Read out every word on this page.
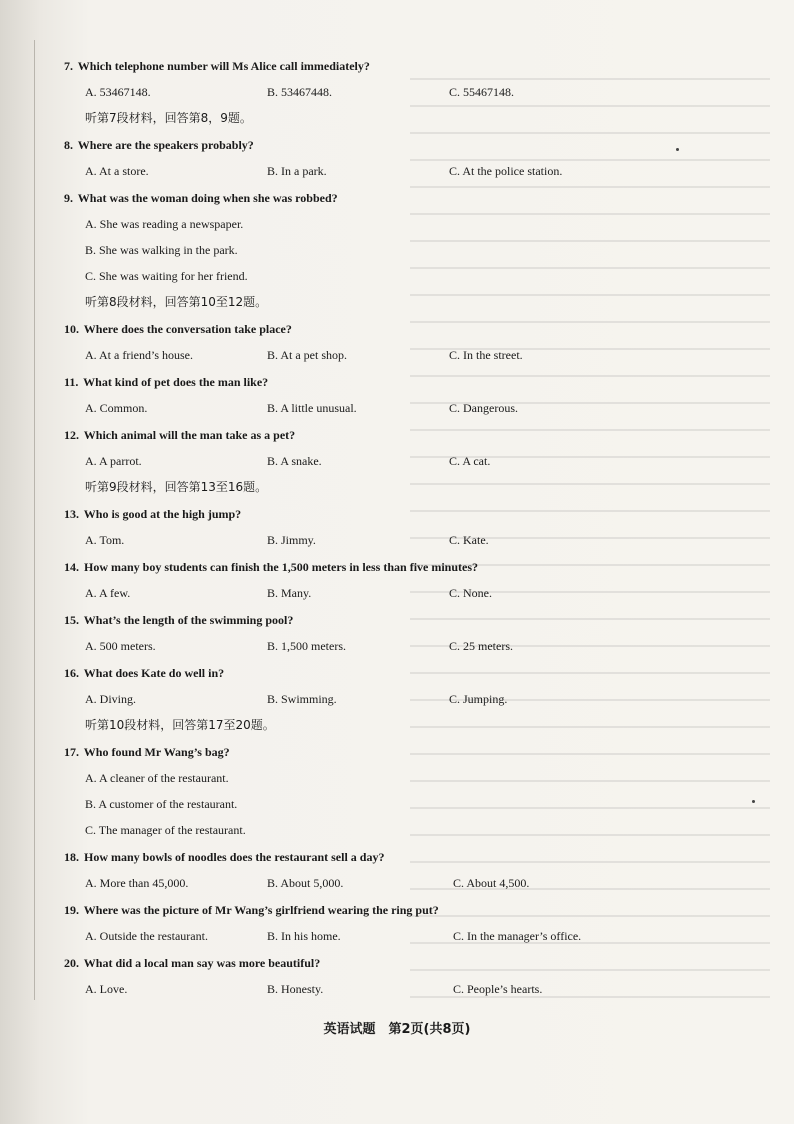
7. Which telephone number will Ms Alice call immediately?

A. 53467148.	B. 53467448.	C. 55467148.
听第7段材料，回答第8，9题。

8. Where are the speakers probably?

A. At a store.	B. In a park.	C. At the police station.

9. What was the woman doing when she was robbed?

A. She was reading a newspaper.
B. She was walking in the park.
C. She was waiting for her friend.
听第8段材料，回答第10至12题。

10. Where does the conversation take place?

A. At a friend’s house.	B. At a pet shop.	C. In the street.

11. What kind of pet does the man like?

A. Common.	B. A little unusual.	C. Dangerous.

12. Which animal will the man take as a pet?

A. A parrot.	B. A snake.	C. A cat.
听第9段材料，回答第13至16题。

13. Who is good at the high jump?

A. Tom.	B. Jimmy.	C. Kate.

14. How many boy students can finish the 1,500 meters in less than five minutes?

A. A few.	B. Many.	C. None.

15. What’s the length of the swimming pool?

A. 500 meters.	B. 1,500 meters.	C. 25 meters.

16. What does Kate do well in?

A. Diving.	B. Swimming.	C. Jumping.
听第10段材料，回答第17至20题。

17. Who found Mr Wang’s bag?

A. A cleaner of the restaurant.
B. A customer of the restaurant.
C. The manager of the restaurant.

18. How many bowls of noodles does the restaurant sell a day?

A. More than 45,000.	B. About 5,000.	C. About 4,500.

19. Where was the picture of Mr Wang’s girlfriend wearing the ring put?

A. Outside the restaurant.	B. In his home.	C. In the manager’s office.

20. What did a local man say was more beautiful?

A. Love.	B. Honesty.	C. People’s hearts.
英语试题　第2页(共8页)
